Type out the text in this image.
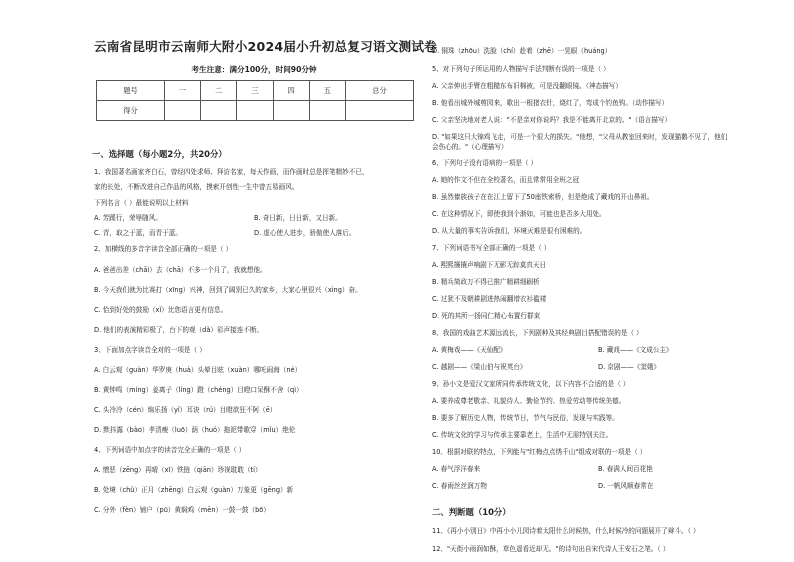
云南省昆明市云南师大附小2024届小升初总复习语文测试卷
考生注意：满分100分，时间90分钟
题号	一	二	三	四	五	总分
得分						
一、选择题（每小题2分，共20分）
1、我国著名画家齐白石，曾经四处求师、拜访名家，每天作画，而作画时总是挥笔精妙不已，
家的长处，不断改进自己作品的风格，摸索开创性一生中曾五易画风。
下列名言（ ）最能说明以上材料
A. 芳蹊行，荣辱随风。	B. 奇日新，日日新，又日新。
C. 青，取之于蓝，而青于蓝。	D. 虚心使人进步，骄傲使人落后。
2、加横线的多音字读音全部正确的一项是（ ）
A. 爸爸出差（chāi）去（chā）不多一个月了，我就想他。
B. 今天我们就为比赛打（xīng）兴神，回到了阔别已久的家乡，大家心里很兴（xìng）奋。
C. 恰到好处的鼓励（xǐ）比您语言更有信息。
D. 他们的表演精彩极了，台下的观（dǎ）彩声接连不断。
3、下面加点字读音全对的一项是（ ）
A. 白云观（guàn）华罗庚（huà）头晕目眩（xuàn）哪吒闹海（né）
B. 黄钟鸣（míng）姜离子（líng）蹬（chéng）目瞪口呆酥不舍（qì）
C. 头冷冷（cén）绵乐扬（yǐ）耳诀（rú）目瞪欲狂不阿（ē）
D. 默抖露（bào）孝清瘦（luō）荫（huó）拖泥带歌穿（mǐu）绝伦
4、下列词语中加点字的读音完全正确的一项是（ ）
A. 憎恶（zēng）再晴（xī）铁链（qiān）珍视耽耽（tí）
B. 处境（chǔ）正月（zhēng）白云观（guàn）万象更（gēng）新
C. 分外（fèn）铺户（pū）黄焖鸡（mēn）一鼓一鼓（bō）
D. 铜珠（zhōu）洗脸（chí）趁着（zhē）一晃眼（huáng）
5、对下列句子所运用的人物描写手法判断有误的一项是（ ）
A. 父亲伸出手臂在粗糙东布旧棉被，可是没翻眼镜。（神态描写）
B. 他看出城外城剪园来，歌出一根猪衣针，烧红了，弯成个钓鱼钩。（动作描写）
C. 父亲坚决地对老人说："不是亲对你说吗？我是不能离开北京的。"（语言描写）
D. "如果这只大锦鸡飞走，可是一个很大的损失。"他想，"父母从教室回来时，发现猫鹅不见了，他们
会伤心的。"（心理描写）
6、下列句子没有语病的一项是（ ）
A. 她的作文不但在全校著名，而且常常用全班之冠
B. 虽然傣族孩子在在江上留下了50座铁索桥，但是绝成了藏戏的开山鼻祖。
C. 在这种情况下，即使我到个渐如，可能也是否多大用处。
D. 从大量的事实告诉我们，环境灭难是很有困难的。
7、下列词语书写全部正确的一项是（ ）
A. 熙熙攘攘声响剧下无影无踪莫真天日
B. 精兵简政万不得已推广精耕细刷析
C. 过犹不及朝耕剧进热闹翻增衣衫褴褛
D. 死的其所一扬同仁精心布置行群束
8、我国的戏曲艺术源远流长，下列剧种及其经典剧目搭配错误的是（ ）
A. 黄梅戏——《天仙配》	B. 藏戏——《文成公主》
C. 越剧——《梁山伯与祝英台》	D. 京剧——《窦娥》
9、孙小文是爱汉文家所同传承传统文化，以下内容不合适的是（ ）
A. 要养成尊老敬亲、礼貌待人、勤俭节约、热爱劳动等传统美德。
B. 要多了解历史人物，传统节日，节气与民俗，发现与实践等。
C. 传统文化的学习与传承主要靠老上，生活中无需特别关注。
10、根据对联的特点，下列能与"红梅点点绣千山"组成对联的一项是（ ）
A. 春气浮洋春来	B. 春满人间百花艳
C. 春雨丝丝润万物	D. 一帆风顺春常在
11、《再小小别日》中再小小儿园诗着太阳什么时候热，什么时候冷的问题展开了辩斗。（ ）
12、"天街小雨润如酥，草色遥看近却无。"的诗句出自宋代诗人王安石之笔。（ ）
二、判断题（10分）
